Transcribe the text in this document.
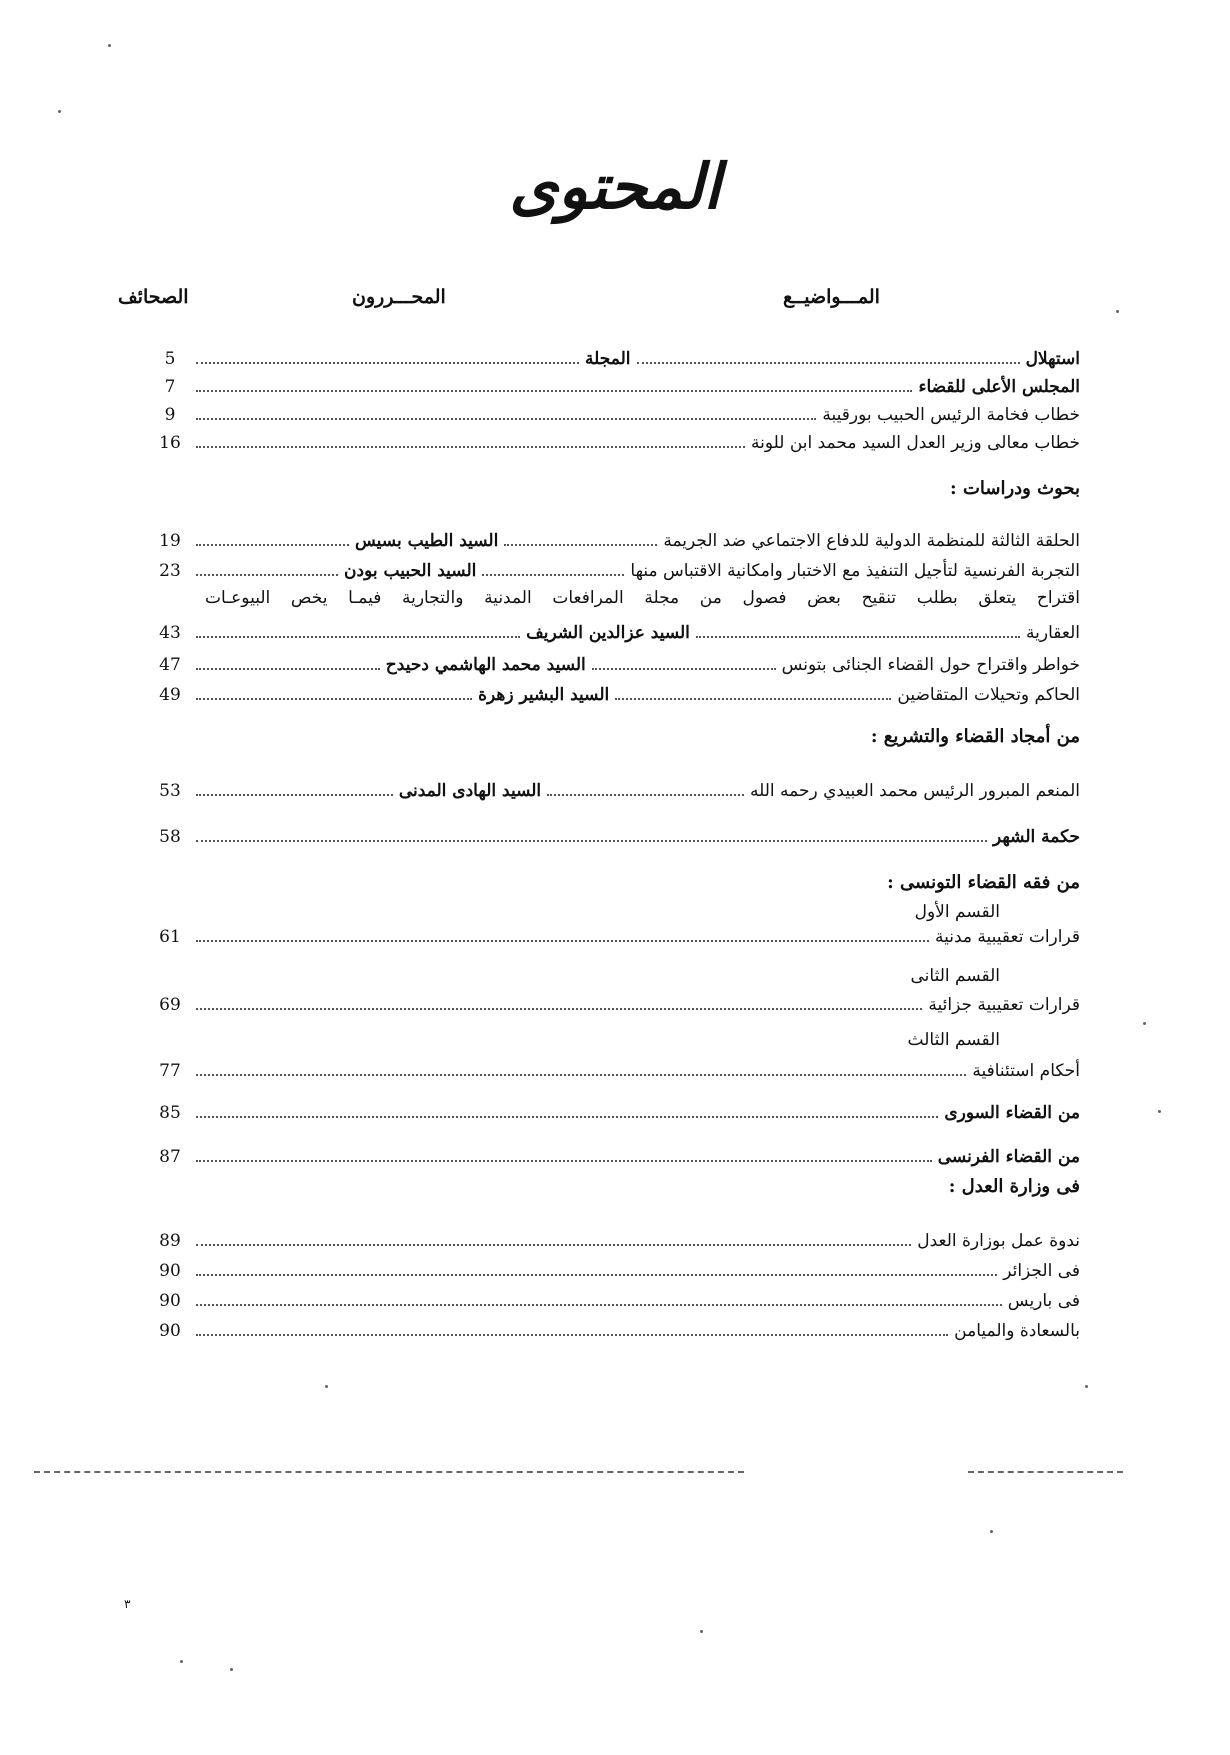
المحتوى
المـــواضيــع
المحـــررون
الصحائف
استهلال
المجلة
5
المجلس الأعلى للقضاء
7
خطاب فخامة الرئيس الحبيب بورقيبة
9
خطاب معالى وزير العدل السيد محمد ابن للونة
16
بحوث ودراسات :
الحلقة الثالثة للمنظمة الدولية للدفاع الاجتماعي ضد الجريمة
السيد الطيب بسيس
19
التجربة الفرنسية لتأجيل التنفيذ مع الاختبار وامكانية الاقتباس منها
السيد الحبيب بودن
23
اقتراح يتعلق بطلب تنقيح بعض فصول من مجلة المرافعات المدنية والتجارية فيمـا يخص البيوعـات
العقارية
السيد عزالدين الشريف
43
خواطر واقتراح حول القضاء الجنائى بتونس
السيد محمد الهاشمي دحيدح
47
الحاكم وتحيلات المتقاضين
السيد البشير زهرة
49
من أمجاد القضاء والتشريع :
المنعم المبرور الرئيس محمد العبيدي رحمه الله
السيد الهادى المدنى
53
حكمة الشهر
58
من فقه القضاء التونسى :
القسم الأول
قرارات تعقيبية مدنية
61
القسم الثانى
قرارات تعقيبية جزائية
69
القسم الثالث
أحكام استئنافية
77
من القضاء السورى
85
من القضاء الفرنسى
87
فى وزارة العدل :
ندوة عمل بوزارة العدل
89
فى الجزائر
90
فى باريس
90
بالسعادة والميامن
90
٣
